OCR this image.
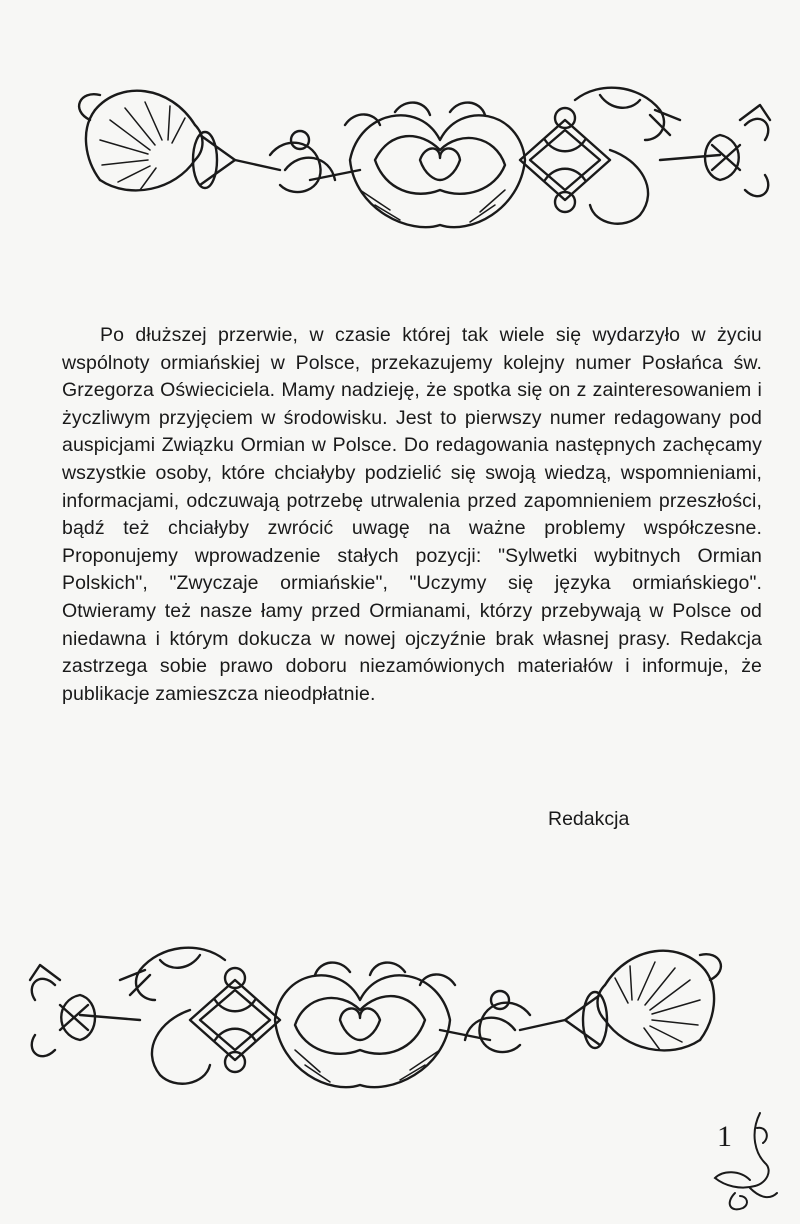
Po dłuższej przerwie, w czasie której tak wiele się wydarzyło w życiu wspólnoty ormiańskiej w Polsce, przekazujemy kolejny numer Posłańca św. Grzegorza Oświeciciela. Mamy nadzieję, że spotka się on z zainteresowaniem i życzliwym przyjęciem w środowisku. Jest to pierwszy numer redagowany pod auspicjami Związku Ormian w Polsce. Do redagowania następnych zachęcamy wszystkie osoby, które chciałyby podzielić się swoją wiedzą, wspomnieniami, informacjami, odczuwają potrzebę utrwalenia przed zapomnieniem przeszłości, bądź też chciałyby zwrócić uwagę na ważne problemy współczesne. Proponujemy wprowadzenie stałych pozycji: "Sylwetki wybitnych Ormian Polskich", "Zwyczaje ormiańskie", "Uczymy się języka ormiańskiego". Otwieramy też nasze łamy przed Ormianami, którzy przebywają w Polsce od niedawna i którym dokucza w nowej ojczyźnie brak własnej prasy. Redakcja zastrzega sobie prawo doboru niezamówionych materiałów i informuje, że publikacje zamieszcza nieodpłatnie.

Redakcja
1
